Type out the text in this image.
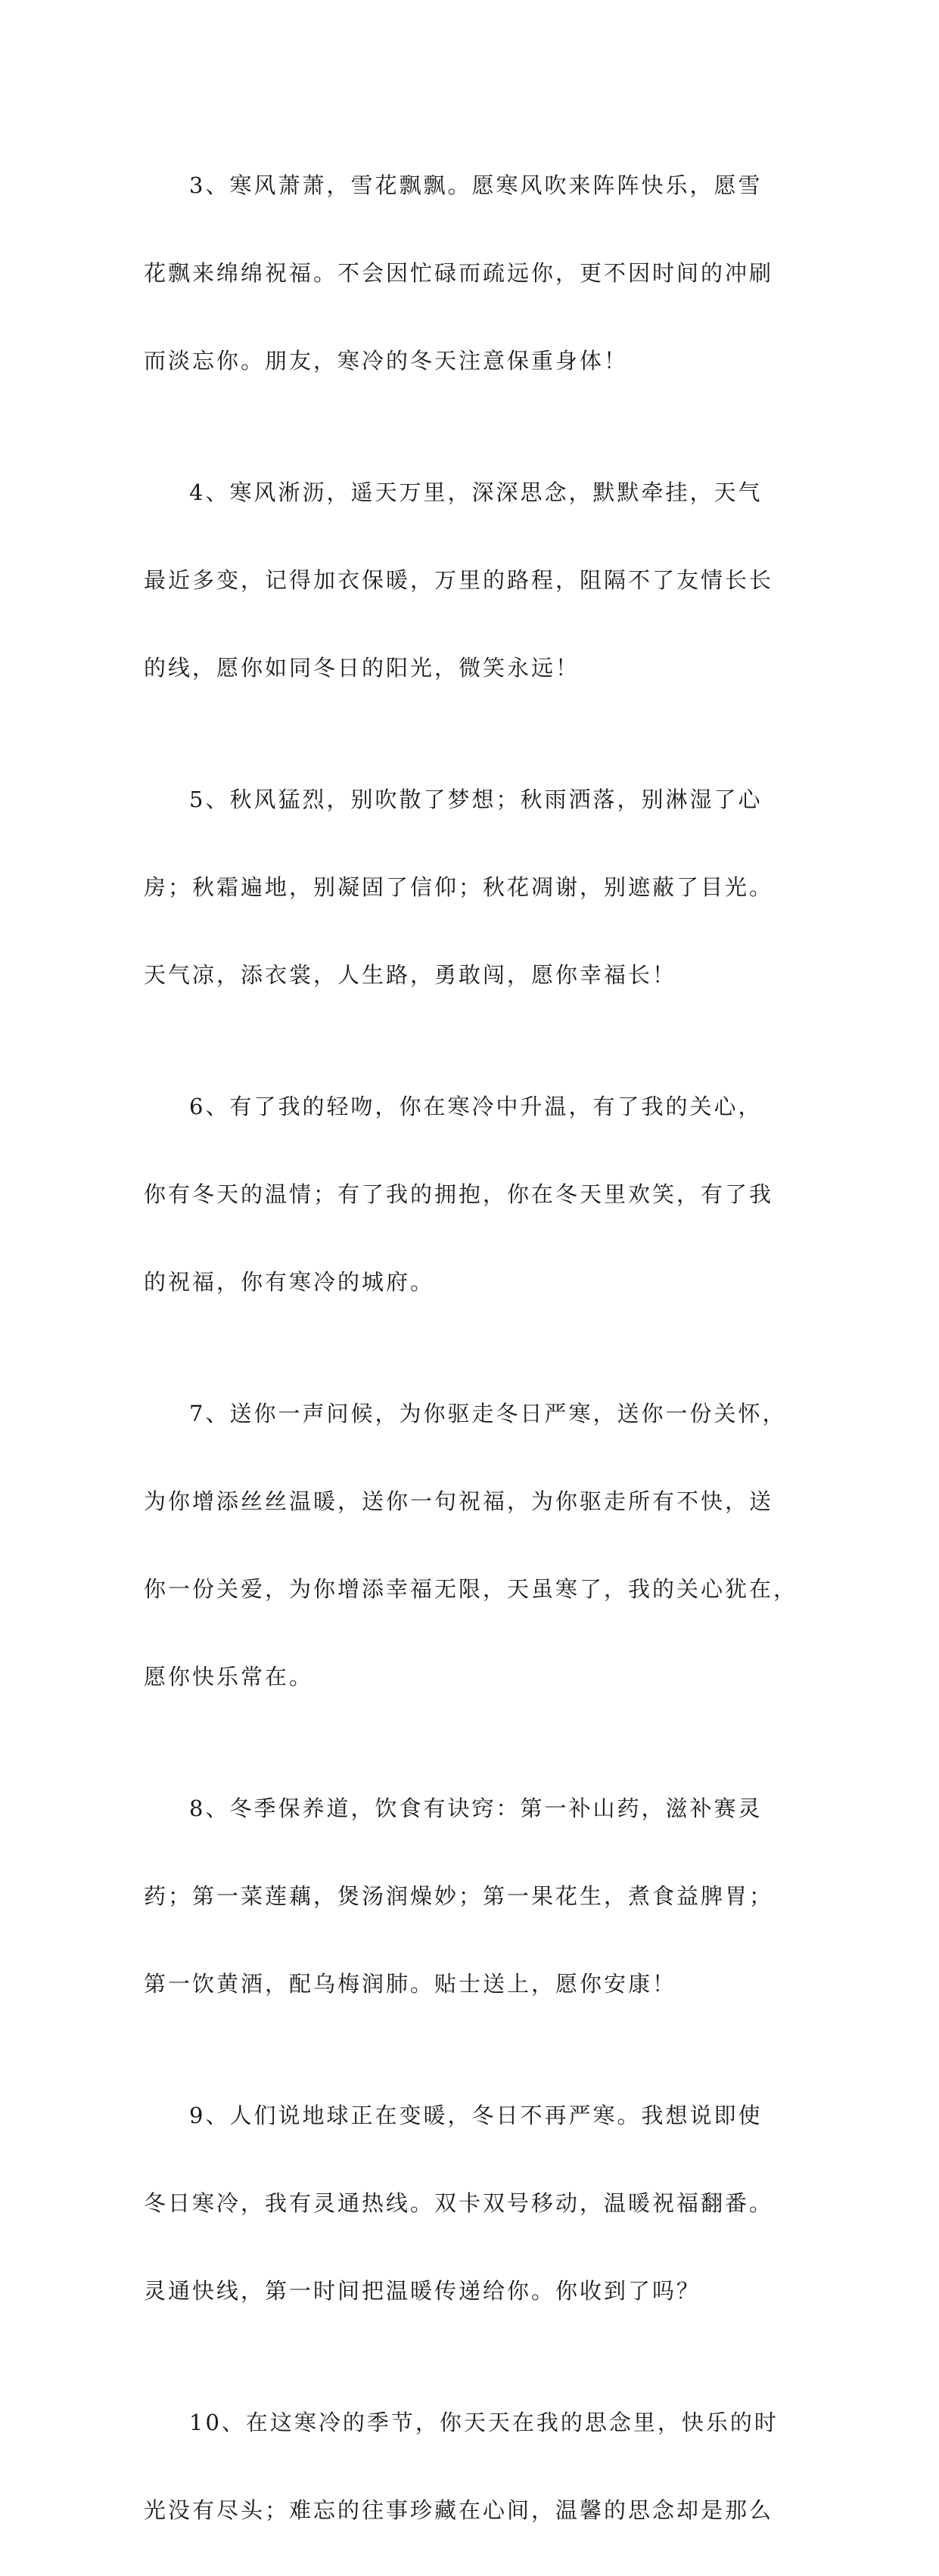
3、寒风萧萧，雪花飘飘。愿寒风吹来阵阵快乐，愿雪

花飘来绵绵祝福。不会因忙碌而疏远你，更不因时间的冲刷

而淡忘你。朋友，寒冷的冬天注意保重身体！

4、寒风淅沥，遥天万里，深深思念，默默牵挂，天气

最近多变，记得加衣保暖，万里的路程，阻隔不了友情长长

的线，愿你如同冬日的阳光，微笑永远！

5、秋风猛烈，别吹散了梦想；秋雨洒落，别淋湿了心

房；秋霜遍地，别凝固了信仰；秋花凋谢，别遮蔽了目光。

天气凉，添衣裳，人生路，勇敢闯，愿你幸福长！

6、有了我的轻吻，你在寒冷中升温，有了我的关心，

你有冬天的温情；有了我的拥抱，你在冬天里欢笑，有了我

的祝福，你有寒冷的城府。

7、送你一声问候，为你驱走冬日严寒，送你一份关怀，

为你增添丝丝温暖，送你一句祝福，为你驱走所有不快，送

你一份关爱，为你增添幸福无限，天虽寒了，我的关心犹在，

愿你快乐常在。

8、冬季保养道，饮食有诀窍：第一补山药，滋补赛灵

药；第一菜莲藕，煲汤润燥妙；第一果花生，煮食益脾胃；

第一饮黄酒，配乌梅润肺。贴士送上，愿你安康！

9、人们说地球正在变暖，冬日不再严寒。我想说即使

冬日寒冷，我有灵通热线。双卡双号移动，温暖祝福翻番。

灵通快线，第一时间把温暖传递给你。你收到了吗？

10、在这寒冷的季节，你天天在我的思念里，快乐的时

光没有尽头；难忘的往事珍藏在心间，温馨的思念却是那么
